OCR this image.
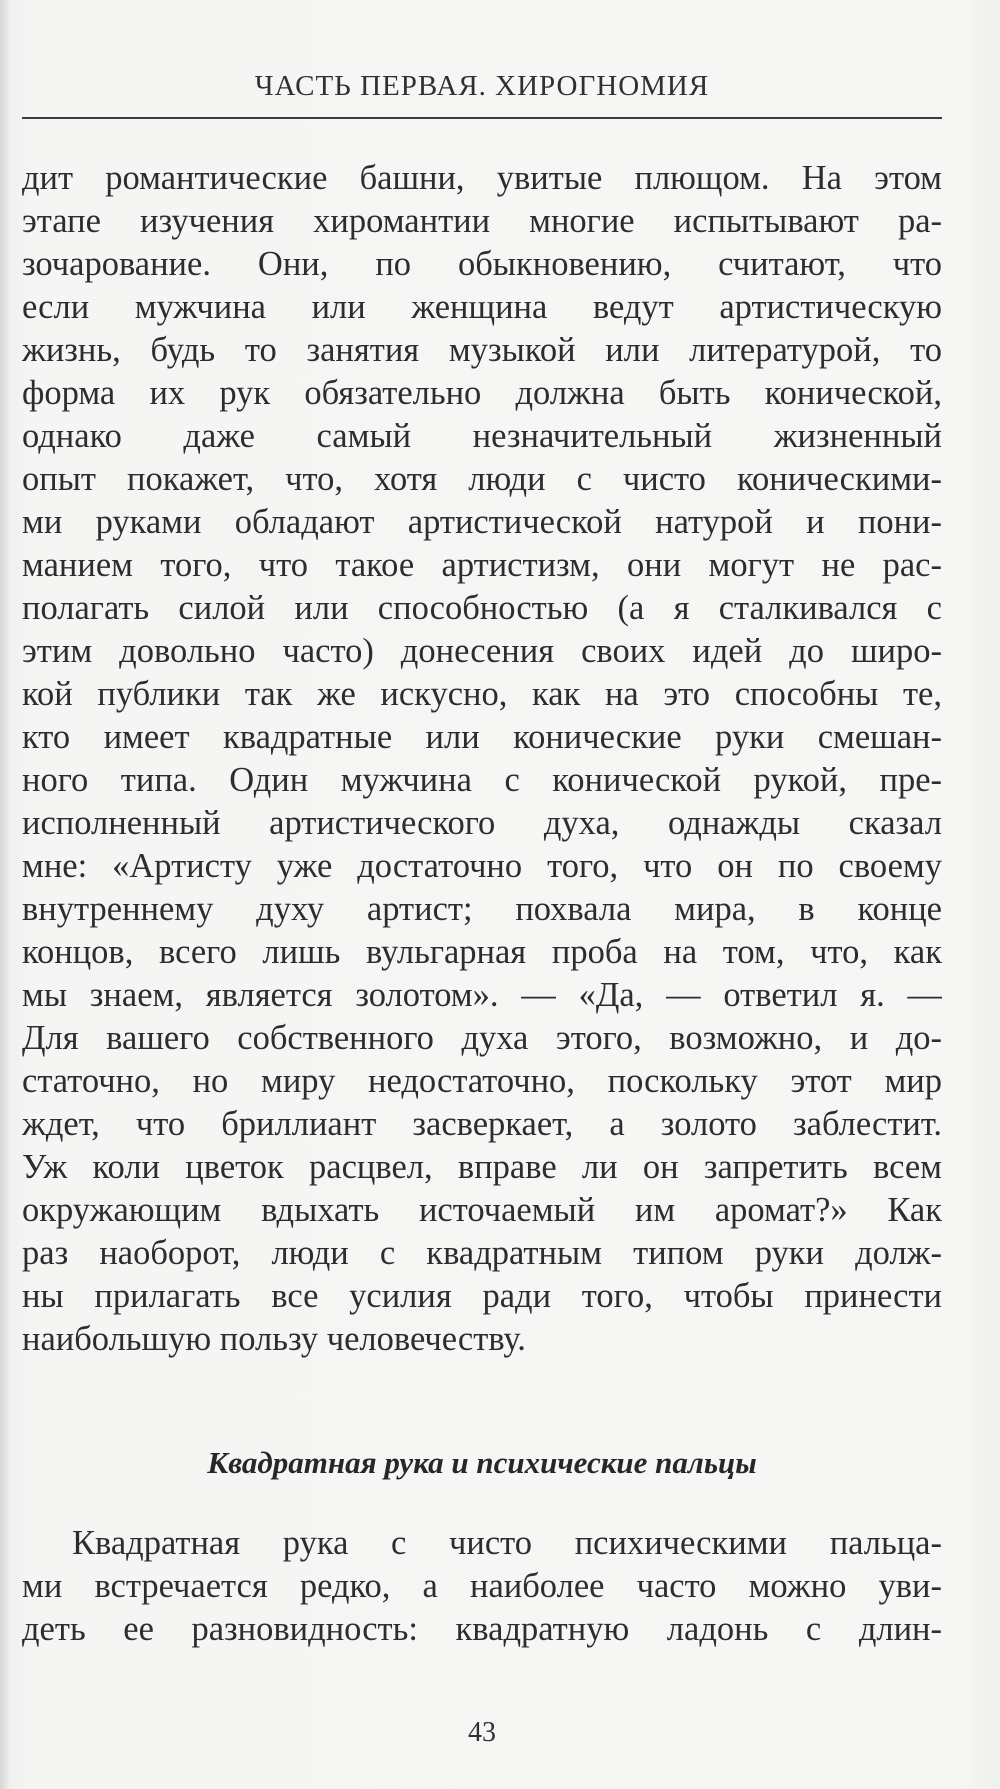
ЧАСТЬ ПЕРВАЯ. ХИРОГНОМИЯ
дит романтические башни, увитые плющом. На этом
этапе изучения хиромантии многие испытывают ра-
зочарование. Они, по обыкновению, считают, что
если мужчина или женщина ведут артистическую
жизнь, будь то занятия музыкой или литературой, то
форма их рук обязательно должна быть конической,
однако даже самый незначительный жизненный
опыт покажет, что, хотя люди с чисто коническими-
ми руками обладают артистической натурой и пони-
манием того, что такое артистизм, они могут не рас-
полагать силой или способностью (а я сталкивался с
этим довольно часто) донесения своих идей до широ-
кой публики так же искусно, как на это способны те,
кто имеет квадратные или конические руки смешан-
ного типа. Один мужчина с конической рукой, пре-
исполненный артистического духа, однажды сказал
мне: «Артисту уже достаточно того, что он по своему
внутреннему духу артист; похвала мира, в конце
концов, всего лишь вульгарная проба на том, что, как
мы знаем, является золотом». — «Да, — ответил я. —
Для вашего собственного духа этого, возможно, и до-
статочно, но миру недостаточно, поскольку этот мир
ждет, что бриллиант засверкает, а золото заблестит.
Уж коли цветок расцвел, вправе ли он запретить всем
окружающим вдыхать источаемый им аромат?» Как
раз наоборот, люди с квадратным типом руки долж-
ны прилагать все усилия ради того, чтобы принести
наибольшую пользу человечеству.
Квадратная рука и психические пальцы
Квадратная рука с чисто психическими пальца-
ми встречается редко, а наиболее часто можно уви-
деть ее разновидность: квадратную ладонь с длин-
43
